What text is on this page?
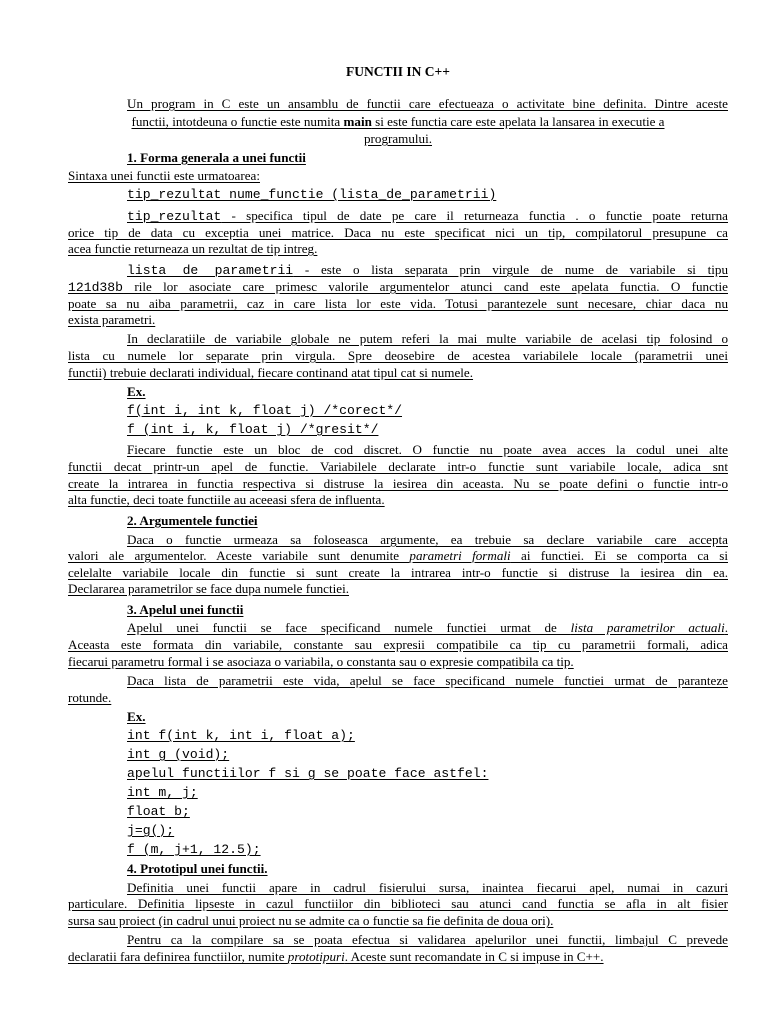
FUNCTII IN C++
Un program in C este un ansamblu de functii care efectueaza o activitate bine definita. Dintre aceste
functii, intotdeuna o functie este numita main si este functia care este apelata la lansarea in executie a
programului.
1. Forma generala a unei functii
Sintaxa unei functii este urmatoarea:
tip_rezultat nume_functie (lista_de_parametrii)
tip_rezultat - specifica tipul de date pe care il returneaza functia . o functie poate returna
orice tip de data cu exceptia unei matrice. Daca nu este specificat nici un tip, compilatorul presupune ca
acea functie returneaza un rezultat de tip intreg.
lista de parametrii - este o lista separata prin virgule de nume de variabile si tipu
121d38b rile lor asociate care primesc valorile argumentelor atunci cand este apelata functia. O functie
poate sa nu aiba parametrii, caz in care lista lor este vida. Totusi parantezele sunt necesare, chiar daca nu
exista parametri.
In declaratiile de variabile globale ne putem referi la mai multe variabile de acelasi tip folosind o
lista cu numele lor separate prin virgula. Spre deosebire de acestea variabilele locale (parametrii unei
functii) trebuie declarati individual, fiecare continand atat tipul cat si numele.
Ex.
f(int i, int k, float j) /*corect*/
f (int i, k, float j) /*gresit*/
Fiecare functie este un bloc de cod discret. O functie nu poate avea acces la codul unei alte
functii decat printr-un apel de functie. Variabilele declarate intr-o functie sunt variabile locale, adica snt
create la intrarea in functia respectiva si distruse la iesirea din aceasta. Nu se poate defini o functie intr-o
alta functie, deci toate functiile au aceeasi sfera de influenta.
2. Argumentele functiei
Daca o functie urmeaza sa foloseasca argumente, ea trebuie sa declare variabile care accepta
valori ale argumentelor. Aceste variabile sunt denumite parametri formali ai functiei. Ei se comporta ca si
celelalte variabile locale din functie si sunt create la intrarea intr-o functie si distruse la iesirea din ea.
Declararea parametrilor se face dupa numele functiei.
3. Apelul unei functii
Apelul unei functii se face specificand numele functiei urmat de lista parametrilor actuali.
Aceasta este formata din variabile, constante sau expresii compatibile ca tip cu parametrii formali, adica
fiecarui parametru formal i se asociaza o variabila, o constanta sau o expresie compatibila ca tip.
Daca lista de parametrii este vida, apelul se face specificand numele functiei urmat de paranteze
rotunde.
Ex.
int f(int k, int i, float a);
int g (void);
apelul functiilor f si g se poate face astfel:
int m, j;
float b;
j=g();
f (m, j+1, 12.5);
4. Prototipul unei functii.
Definitia unei functii apare in cadrul fisierului sursa, inaintea fiecarui apel, numai in cazuri
particulare. Definitia lipseste in cazul functiilor din biblioteci sau atunci cand functia se afla in alt fisier
sursa sau proiect (in cadrul unui proiect nu se admite ca o functie sa fie definita de doua ori).
Pentru ca la compilare sa se poata efectua si validarea apelurilor unei functii, limbajul C prevede
declaratii fara definirea functiilor, numite prototipuri. Aceste sunt recomandate in C si impuse in C++.
